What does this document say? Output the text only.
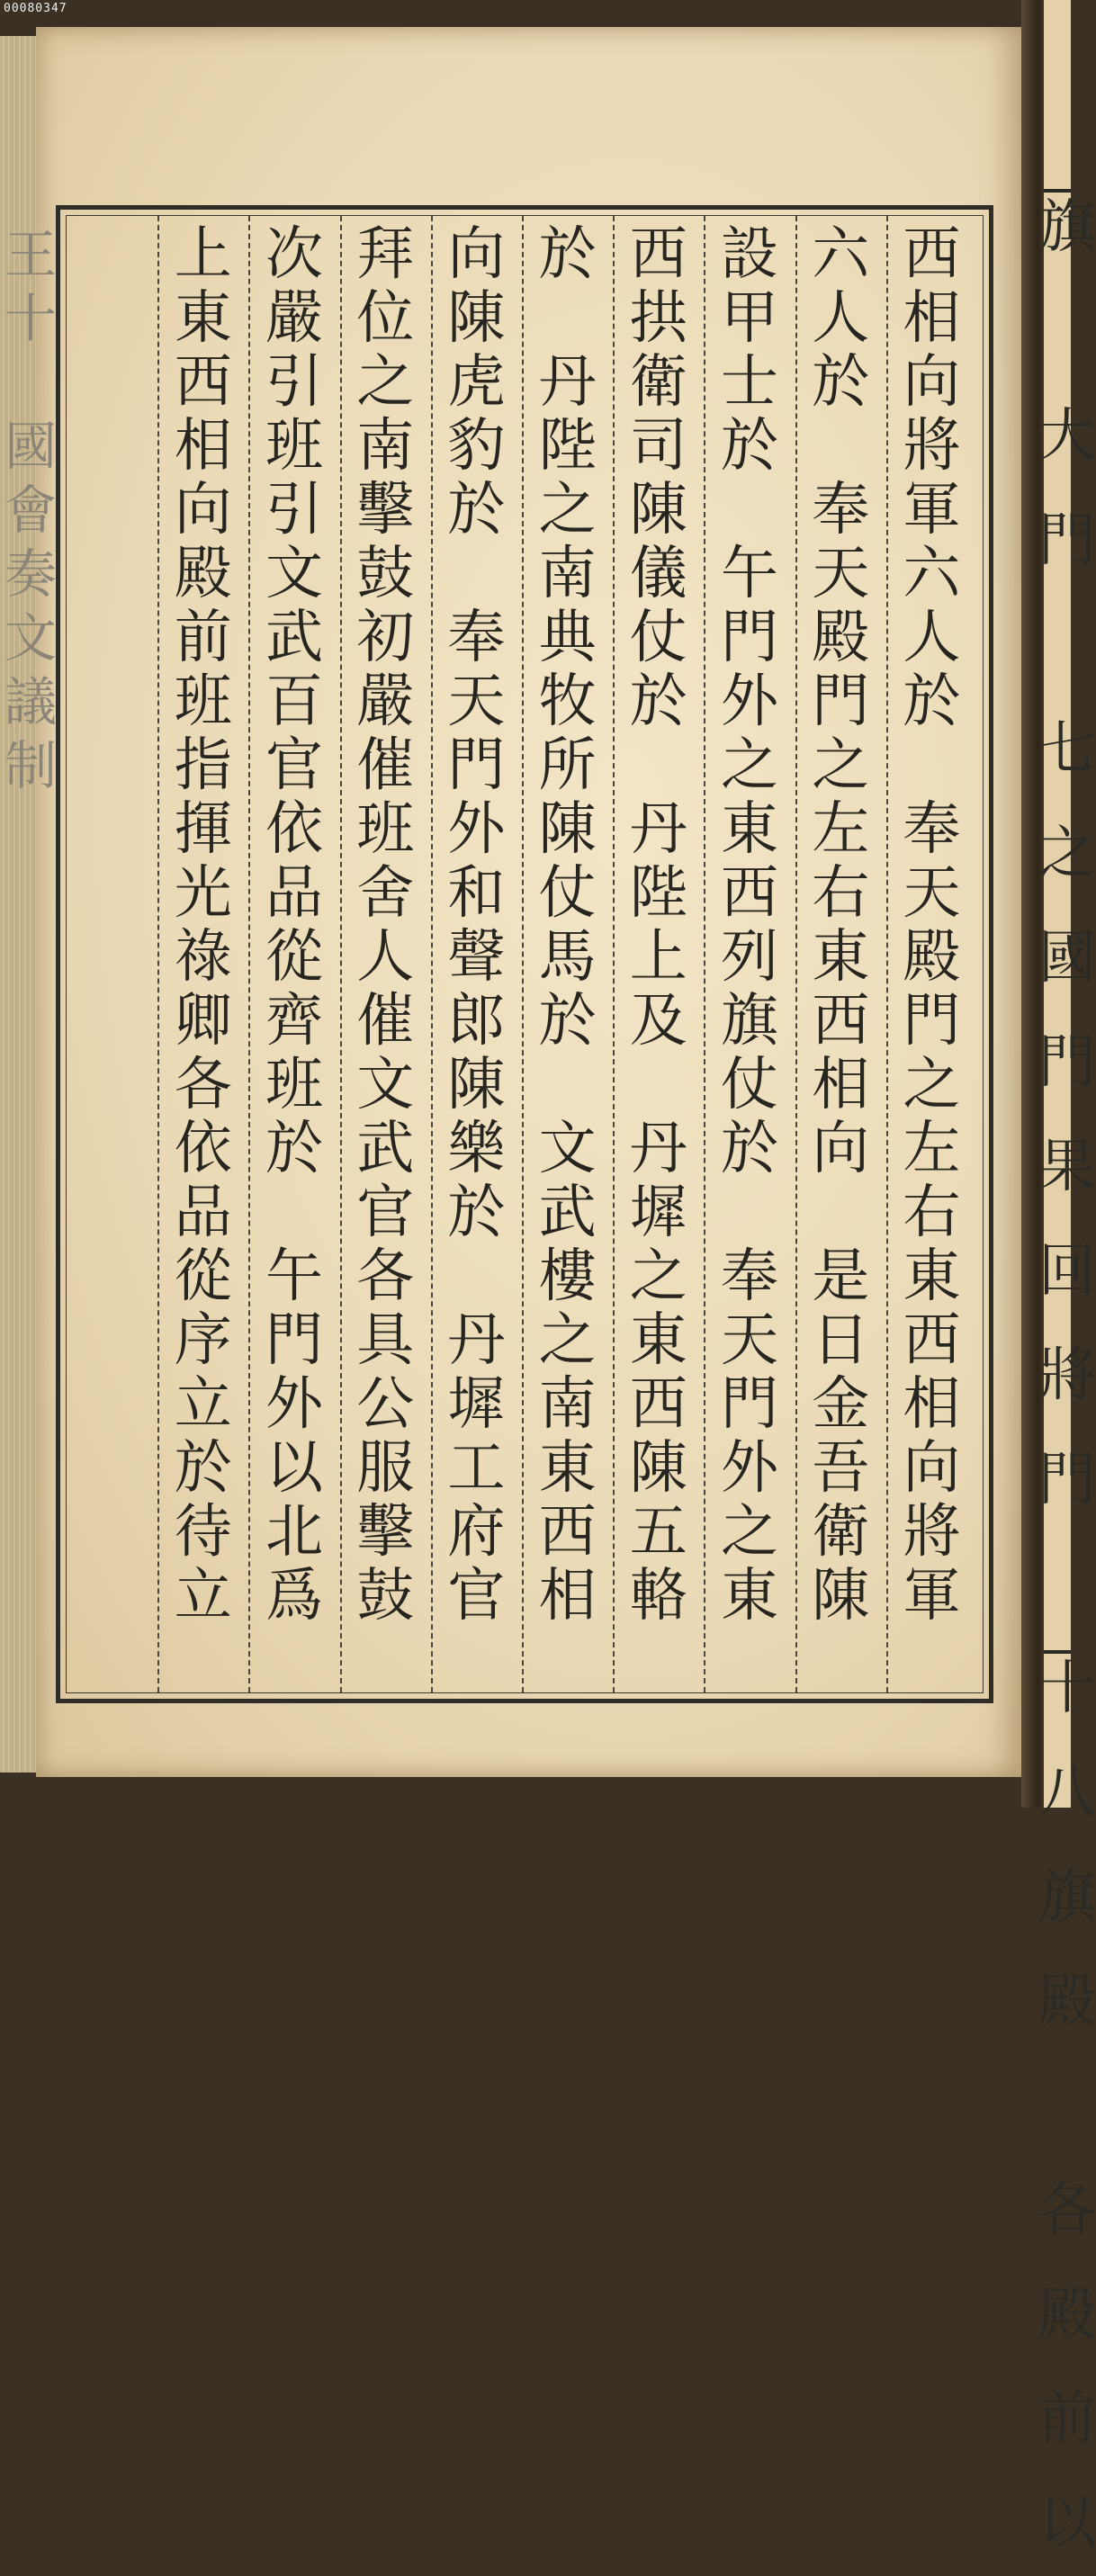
00080347
旗

大
門

七
之
國
門
果
回
將
門

十
八
旗
殿

各
殿
前
以
西
相
向
將
軍
六
人
於
奉
天
殿
門
之
左
右
東
西
相
向
將
軍
六
人
於
奉
天
殿
門
之
左
右
東
西
相
向
是
日
金
吾
衛
陳
設
甲
士
於
午
門
外
之
東
西
列
旗
仗
於
奉
天
門
外
之
東
西
拱
衛
司
陳
儀
仗
於
丹
陛
上
及
丹
墀
之
東
西
陳
五
輅
於
丹
陛
之
南
典
牧
所
陳
仗
馬
於
文
武
樓
之
南
東
西
相
向
陳
虎
豹
於
奉
天
門
外
和
聲
郎
陳
樂
於
丹
墀
工
府
官
拜
位
之
南
擊
鼓
初
嚴
催
班
舍
人
催
文
武
官
各
具
公
服
擊
鼓
次
嚴
引
班
引
文
武
百
官
依
品
從
齊
班
於
午
門
外
以
北
爲
上
東
西
相
向
殿
前
班
指
揮
光
祿
卿
各
依
品
從
序
立
於
待
立
王
十
國
會
奏
文
議
制
